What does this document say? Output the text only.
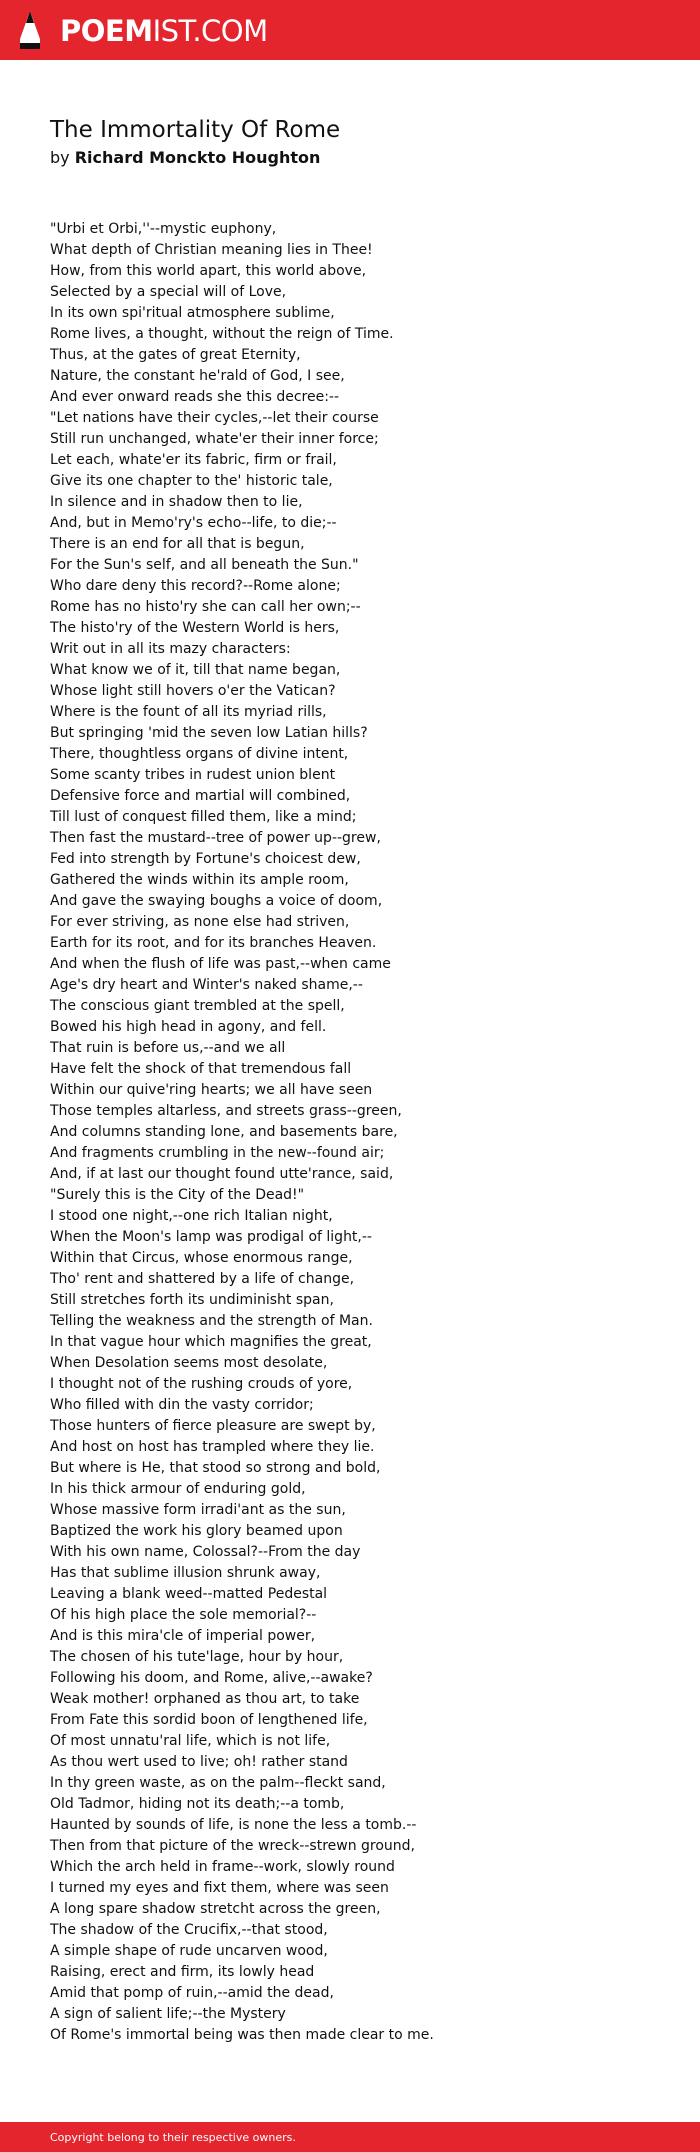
POEMIST.COM
The Immortality Of Rome
by Richard Monckto Houghton
"Urbi et Orbi,''--mystic euphony,
What depth of Christian meaning lies in Thee!
How, from this world apart, this world above,
Selected by a special will of Love,
In its own spi'ritual atmosphere sublime,
Rome lives, a thought, without the reign of Time.
Thus, at the gates of great Eternity,
Nature, the constant he'rald of God, I see,
And ever onward reads she this decree:--
"Let nations have their cycles,--let their course
Still run unchanged, whate'er their inner force;
Let each, whate'er its fabric, firm or frail,
Give its one chapter to the' historic tale,
In silence and in shadow then to lie,
And, but in Memo'ry's echo--life, to die;--
There is an end for all that is begun,
For the Sun's self, and all beneath the Sun."
Who dare deny this record?--Rome alone;
Rome has no histo'ry she can call her own;--
The histo'ry of the Western World is hers,
Writ out in all its mazy characters:
What know we of it, till that name began,
Whose light still hovers o'er the Vatican?
Where is the fount of all its myriad rills,
But springing 'mid the seven low Latian hills?
There, thoughtless organs of divine intent,
Some scanty tribes in rudest union blent
Defensive force and martial will combined,
Till lust of conquest filled them, like a mind;
Then fast the mustard--tree of power up--grew,
Fed into strength by Fortune's choicest dew,
Gathered the winds within its ample room,
And gave the swaying boughs a voice of doom,
For ever striving, as none else had striven,
Earth for its root, and for its branches Heaven.
And when the flush of life was past,--when came
Age's dry heart and Winter's naked shame,--
The conscious giant trembled at the spell,
Bowed his high head in agony, and fell.
That ruin is before us,--and we all
Have felt the shock of that tremendous fall
Within our quive'ring hearts; we all have seen
Those temples altarless, and streets grass--green,
And columns standing lone, and basements bare,
And fragments crumbling in the new--found air;
And, if at last our thought found utte'rance, said,
"Surely this is the City of the Dead!"
I stood one night,--one rich Italian night,
When the Moon's lamp was prodigal of light,--
Within that Circus, whose enormous range,
Tho' rent and shattered by a life of change,
Still stretches forth its undiminisht span,
Telling the weakness and the strength of Man.
In that vague hour which magnifies the great,
When Desolation seems most desolate,
I thought not of the rushing crouds of yore,
Who filled with din the vasty corridor;
Those hunters of fierce pleasure are swept by,
And host on host has trampled where they lie.
But where is He, that stood so strong and bold,
In his thick armour of enduring gold,
Whose massive form irradi'ant as the sun,
Baptized the work his glory beamed upon
With his own name, Colossal?--From the day
Has that sublime illusion shrunk away,
Leaving a blank weed--matted Pedestal
Of his high place the sole memorial?--
And is this mira'cle of imperial power,
The chosen of his tute'lage, hour by hour,
Following his doom, and Rome, alive,--awake?
Weak mother! orphaned as thou art, to take
From Fate this sordid boon of lengthened life,
Of most unnatu'ral life, which is not life,
As thou wert used to live; oh! rather stand
In thy green waste, as on the palm--fleckt sand,
Old Tadmor, hiding not its death;--a tomb,
Haunted by sounds of life, is none the less a tomb.--
Then from that picture of the wreck--strewn ground,
Which the arch held in frame--work, slowly round
I turned my eyes and fixt them, where was seen
A long spare shadow stretcht across the green,
The shadow of the Crucifix,--that stood,
A simple shape of rude uncarven wood,
Raising, erect and firm, its lowly head
Amid that pomp of ruin,--amid the dead,
A sign of salient life;--the Mystery
Of Rome's immortal being was then made clear to me.
Copyright belong to their respective owners.
